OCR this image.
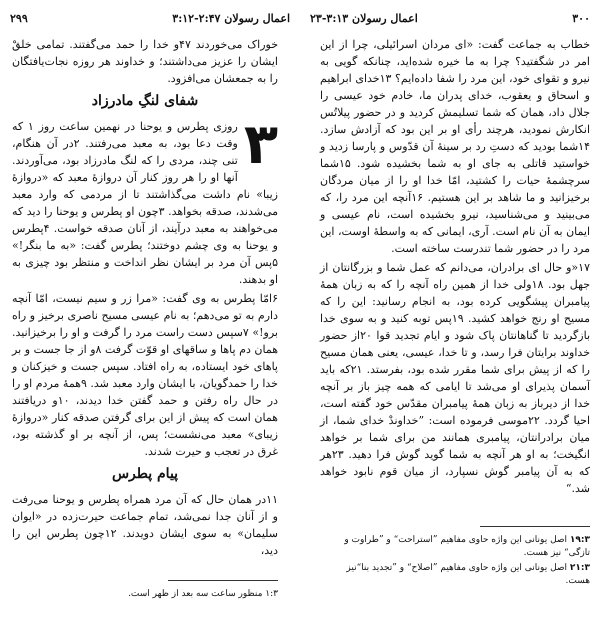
اعمال رسولان ۲:۴۷-۳:۱۲
۲۹۹

خوراک می‌خوردند ۴۷و خدا را حمد می‌گفتند. تمامی خلقْ ایشان را عزیز می‌داشتند؛ و خداوند هر روزه نجات‌یافتگان را به جمعشان می‌افزود.

شفای لنگِ مادرزاد

۳
روزی پطرس و یوحنا در نهمین ساعت روز ۱ که وقت دعا بود، به معبد می‌رفتند. ۲در آن هنگام، تنی چند، مردی را که لنگ مادرزاد بود، می‌آوردند. آنها او را هر روز کنار آن دروازۀ معبد که «دروازۀ زیبا» نام داشت می‌گذاشتند تا از مردمی که وارد معبد می‌شدند، صدقه بخواهد. ۳چون او پطرس و یوحنا را دید که می‌خواهند به معبد درآیند، از آنان صدقه خواست. ۴پطرس و یوحنا به وی چشم دوختند؛ پطرس گفت: «به ما بنگر!» ۵پس آن مرد بر ایشان نظر انداخت و منتظر بود چیزی به او بدهند.

۶امّا پطرس به وی گفت: «مرا زر و سیم نیست، امّا آنچه دارم به تو می‌دهم؛ به نام عیسی مسیح ناصری برخیز و راه برو!» ۷سپس دست راست مرد را گرفت و او را برخیزانید. همان دم پاها و ساقهای او قوّت گرفت ۸و از جا جست و بر پاهای خود ایستاده، به راه افتاد. سپس جست و خیزکنان و خدا را حمدگویان، با ایشان وارد معبد شد. ۹همۀ مردم او را در حال راه رفتن و حمد گفتن خدا دیدند، ۱۰و دریافتند همان است که پیش از این برای گرفتن صدقه کنار «دروازۀ زیبای» معبد می‌نشست؛ پس، از آنچه بر او گذشته بود، غرق در تعجب و حیرت شدند.

پیام پطرس

۱۱در همان حال که آن مرد همراه پطرس و یوحنا می‌رفت و از آنان جدا نمی‌شد، تمام جماعت حیرت‌زده در «ایوان سلیمان» به سوی ایشان دویدند. ۱۲چون پطرس این را دید،

۱:۳ منظور ساعت سه بعد از ظهر است.

۳۰۰
اعمال رسولان ۳:۱۳-۲۳

خطاب به جماعت گفت: «ای مردان اسرائیلی، چرا از این امر در شگفتید؟ چرا به ما خیره شده‌اید، چنانکه گویی به نیرو و تقوای خود، این مرد را شفا داده‌ایم؟ ۱۳خدای ابراهیم و اسحاق و یعقوب، خدای پدران ما، خادم خود عیسی را جلال داد، همان که شما تسلیمش کردید و در حضور پیلاتُس انکارش نمودید، هرچند رأی او بر این بود که آزادش سازد. ۱۴شما بودید که دستِ رد بر سینۀ آن قدّوس و پارسا زدید و خواستید قاتلی به جای او به شما بخشیده شود. ۱۵شما سرچشمۀ حیات را کشتید، امّا خدا او را از میان مردگان برخیزانید و ما شاهد بر این هستیم. ۱۶آنچه این مرد را، که می‌بینید و می‌شناسید، نیرو بخشیده است، نام عیسی و ایمان به آن نام است. آری، ایمانی که به واسطۀ اوست، این مرد را در حضور شما تندرست ساخته است.

۱۷«و حال ای برادران، می‌دانم که عمل شما و بزرگانتان از جهل بود. ۱۸ولی خدا از همین راه آنچه را که به زبان همۀ پیامبران پیشگویی کرده بود، به انجام رسانید: این را که مسیح او رنج خواهد کشید. ۱۹پس توبه کنید و به سوی خدا بازگردید تا گناهانتان پاک شود و ایام تجدید قوا ۲۰از حضور خداوند برایتان فرا رسد، و تا خدا، عیسی، یعنی همان مسیح را که از پیش برای شما مقرر شده بود، بفرستد. ۲۱که باید آسمان پذیرای او می‌شد تا ایامی که همه چیز باز بر آنچه خدا از دیرباز به زبان همۀ پیامبران مقدّس خود گفته است، احیا گردد. ۲۲موسی فرموده است: ”خداوندْ خدای شما، از میان برادرانتان، پیامبری همانند من برای شما بر خواهد انگیخت؛ به او هر آنچه به شما گوید گوش فرا دهید. ۲۳هر که به آن پیامبر گوش نسپارد، از میان قوم نابود خواهد شد.“

۱۹:۳ اصل یونانی این واژه حاوی مفاهیم ”استراحت“ و ”طراوت و تازگی“ نیز هست.

۲۱:۳ اصل یونانی این واژه حاوی مفاهیم ”اصلاح“ و ”تجدید بنا“نیز هست.
